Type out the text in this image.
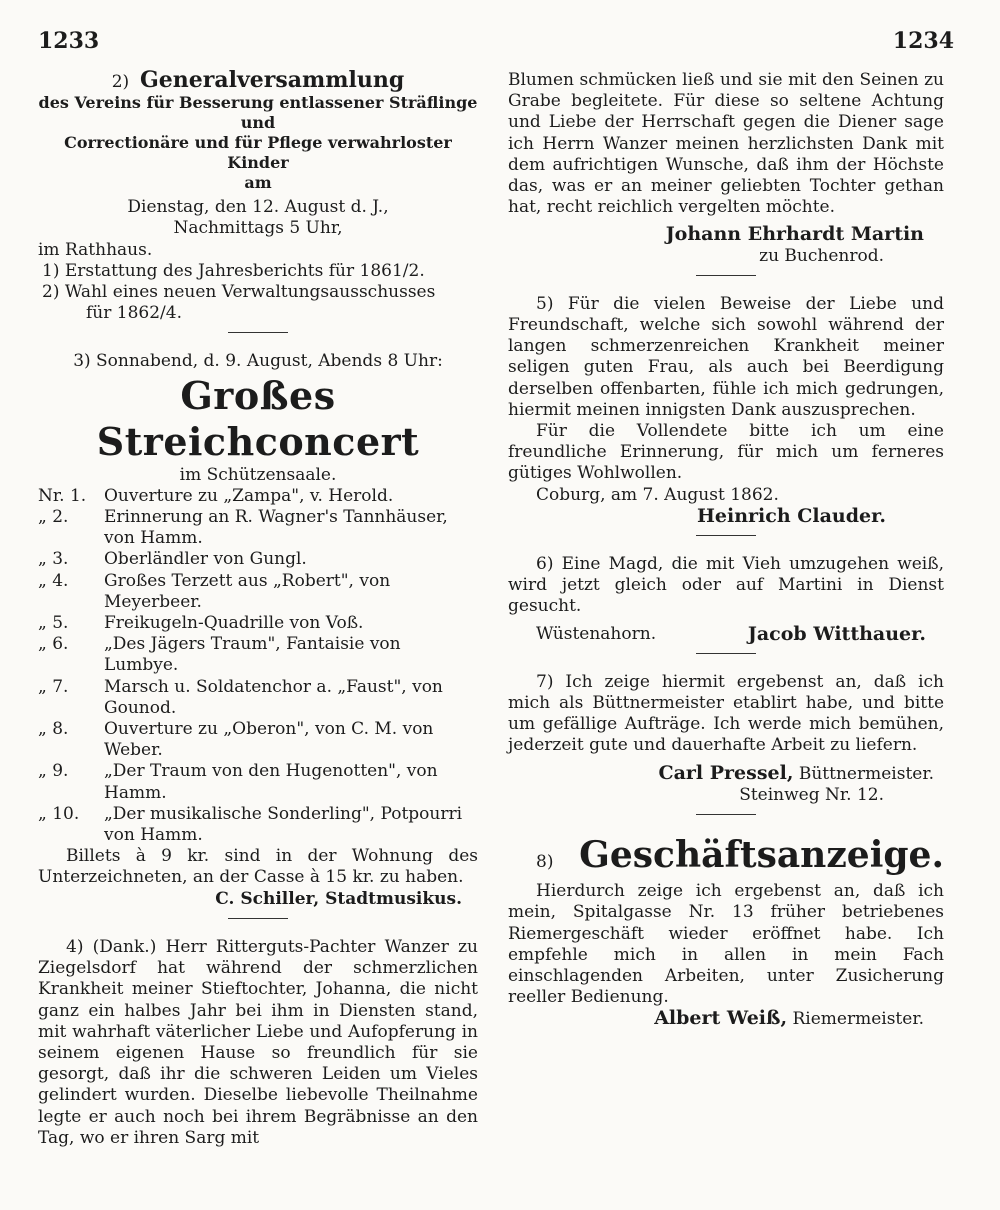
1233	1234
2) Generalversammlung
des Vereins für Besserung entlassener Sträflinge und
Correctionäre und für Pflege verwahrloster Kinder
am
Dienstag, den 12. August d. J.,
Nachmittags 5 Uhr,
im Rathhaus.
1) Erstattung des Jahresberichts für 1861/2.
2) Wahl eines neuen Verwaltungsausschusses
für 1862/4.
3) Sonnabend, d. 9. August, Abends 8 Uhr:
Großes Streichconcert
im Schützensaale.
Nr. 1.	Ouverture zu „Zampa", v. Herold.
„ 2.	Erinnerung an R. Wagner's Tannhäuser, von Hamm.
„ 3.	Oberländler von Gungl.
„ 4.	Großes Terzett aus „Robert", von Meyerbeer.
„ 5.	Freikugeln-Quadrille von Voß.
„ 6.	„Des Jägers Traum", Fantaisie von Lumbye.
„ 7.	Marsch u. Soldatenchor a. „Faust", von Gounod.
„ 8.	Ouverture zu „Oberon", von C. M. von Weber.
„ 9.	„Der Traum von den Hugenotten", von Hamm.
„ 10.	„Der musikalische Sonderling", Potpourri von Hamm.
Billets à 9 kr. sind in der Wohnung des Unterzeichneten, an der Casse à 15 kr. zu haben.
C. Schiller, Stadtmusikus.
4) (Dank.) Herr Ritterguts-Pachter Wanzer zu Ziegelsdorf hat während der schmerzlichen Krankheit meiner Stieftochter, Johanna, die nicht ganz ein halbes Jahr bei ihm in Diensten stand, mit wahrhaft väterlicher Liebe und Aufopferung in seinem eigenen Hause so freundlich für sie gesorgt, daß ihr die schweren Leiden um Vieles gelindert wurden. Dieselbe liebevolle Theilnahme legte er auch noch bei ihrem Begräbnisse an den Tag, wo er ihren Sarg mit
Blumen schmücken ließ und sie mit den Seinen zu Grabe begleitete. Für diese so seltene Achtung und Liebe der Herrschaft gegen die Diener sage ich Herrn Wanzer meinen herzlichsten Dank mit dem aufrichtigen Wunsche, daß ihm der Höchste das, was er an meiner geliebten Tochter gethan hat, recht reichlich vergelten möchte.
Johann Ehrhardt Martin
zu Buchenrod.
5) Für die vielen Beweise der Liebe und Freundschaft, welche sich sowohl während der langen schmerzenreichen Krankheit meiner seligen guten Frau, als auch bei Beerdigung derselben offenbarten, fühle ich mich gedrungen, hiermit meinen innigsten Dank auszusprechen.
Für die Vollendete bitte ich um eine freundliche Erinnerung, für mich um ferneres gütiges Wohlwollen.
Coburg, am 7. August 1862.
Heinrich Clauder.
6) Eine Magd, die mit Vieh umzugehen weiß, wird jetzt gleich oder auf Martini in Dienst gesucht.
Wüstenahorn.	Jacob Witthauer.
7) Ich zeige hiermit ergebenst an, daß ich mich als Büttnermeister etablirt habe, und bitte um gefällige Aufträge. Ich werde mich bemühen, jederzeit gute und dauerhafte Arbeit zu liefern.
Carl Pressel, Büttnermeister.
Steinweg Nr. 12.
8) Geschäftsanzeige.
Hierdurch zeige ich ergebenst an, daß ich mein, Spitalgasse Nr. 13 früher betriebenes Riemergeschäft wieder eröffnet habe. Ich empfehle mich in allen in mein Fach einschlagenden Arbeiten, unter Zusicherung reeller Bedienung.
Albert Weiß, Riemermeister.
